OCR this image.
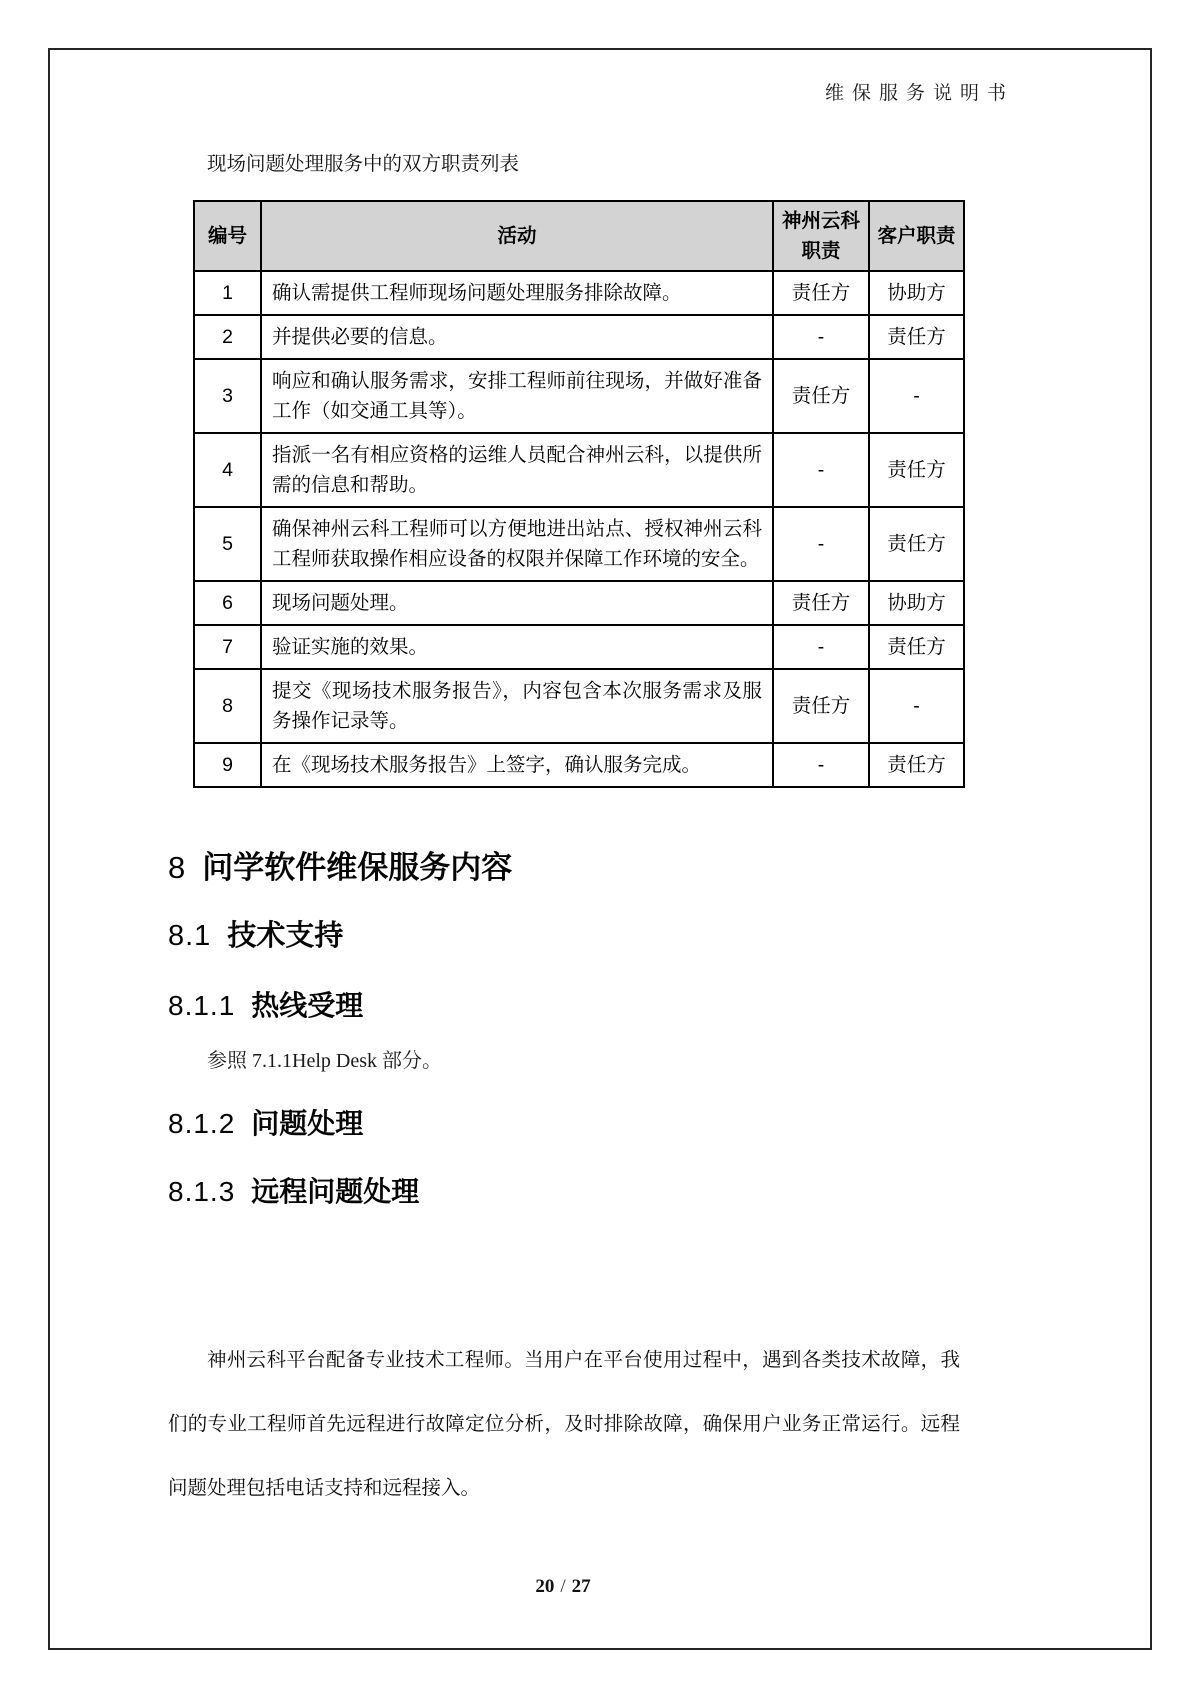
维保服务说明书
现场问题处理服务中的双方职责列表
编号	活动	神州云科职责	客户职责
1	确认需提供工程师现场问题处理服务排除故障。	责任方	协助方
2	并提供必要的信息。	-	责任方
3	响应和确认服务需求，安排工程师前往现场，并做好准备工作（如交通工具等）。	责任方	-
4	指派一名有相应资格的运维人员配合神州云科，以提供所需的信息和帮助。	-	责任方
5	确保神州云科工程师可以方便地进出站点、授权神州云科工程师获取操作相应设备的权限并保障工作环境的安全。	-	责任方
6	现场问题处理。	责任方	协助方
7	验证实施的效果。	-	责任方
8	提交《现场技术服务报告》，内容包含本次服务需求及服务操作记录等。	责任方	-
9	在《现场技术服务报告》上签字，确认服务完成。	-	责任方
8 问学软件维保服务内容
8.1 技术支持
8.1.1 热线受理
参照 7.1.1Help Desk 部分。
8.1.2 问题处理
8.1.3 远程问题处理
神州云科平台配备专业技术工程师。当用户在平台使用过程中，遇到各类技术故障，我们的专业工程师首先远程进行故障定位分析，及时排除故障，确保用户业务正常运行。远程问题处理包括电话支持和远程接入。
20 / 27
